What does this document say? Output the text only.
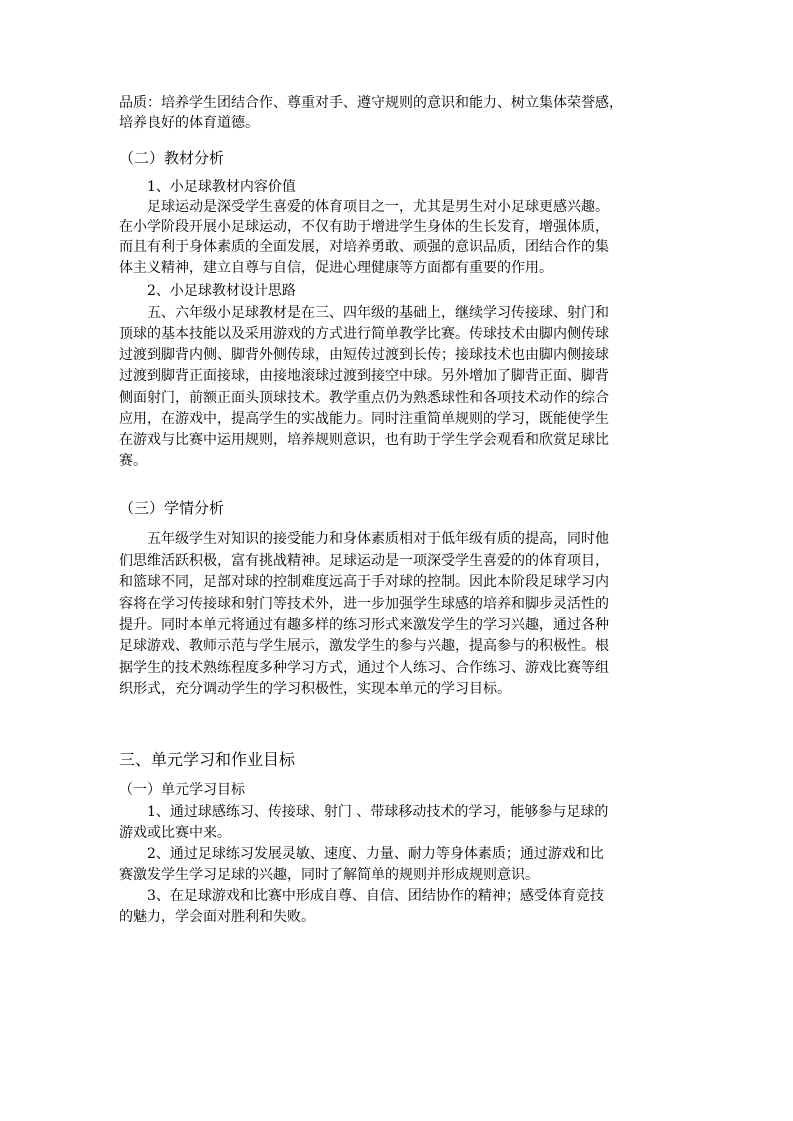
品质：培养学生团结合作、尊重对手、遵守规则的意识和能力、树立集体荣誉感，

培养良好的体育道德。

（二）教材分析

1、小足球教材内容价值

足球运动是深受学生喜爱的体育项目之一，尤其是男生对小足球更感兴趣。

在小学阶段开展小足球运动，不仅有助于增进学生身体的生长发育，增强体质，

而且有利于身体素质的全面发展，对培养勇敢、顽强的意识品质，团结合作的集

体主义精神，建立自尊与自信，促进心理健康等方面都有重要的作用。

2、小足球教材设计思路

五、六年级小足球教材是在三、四年级的基础上，继续学习传接球、射门和

顶球的基本技能以及采用游戏的方式进行简单教学比赛。传球技术由脚内侧传球

过渡到脚背内侧、脚背外侧传球，由短传过渡到长传；接球技术也由脚内侧接球

过渡到脚背正面接球，由接地滚球过渡到接空中球。另外增加了脚背正面、脚背

侧面射门，前额正面头顶球技术。教学重点仍为熟悉球性和各项技术动作的综合

应用，在游戏中，提高学生的实战能力。同时注重简单规则的学习，既能使学生

在游戏与比赛中运用规则，培养规则意识，也有助于学生学会观看和欣赏足球比

赛。

（三）学情分析

五年级学生对知识的接受能力和身体素质相对于低年级有质的提高，同时他

们思维活跃积极，富有挑战精神。足球运动是一项深受学生喜爱的的体育项目，

和篮球不同，足部对球的控制难度远高于手对球的控制。因此本阶段足球学习内

容将在学习传接球和射门等技术外，进一步加强学生球感的培养和脚步灵活性的

提升。同时本单元将通过有趣多样的练习形式来激发学生的学习兴趣，通过各种

足球游戏、教师示范与学生展示，激发学生的参与兴趣，提高参与的积极性。根

据学生的技术熟练程度多种学习方式，通过个人练习、合作练习、游戏比赛等组

织形式，充分调动学生的学习积极性，实现本单元的学习目标。

三、单元学习和作业目标

（一）单元学习目标

1、通过球感练习、传接球、射门 、带球移动技术的学习，能够参与足球的

游戏或比赛中来。

2、通过足球练习发展灵敏、速度、力量、耐力等身体素质；通过游戏和比

赛激发学生学习足球的兴趣，同时了解简单的规则并形成规则意识。

3、在足球游戏和比赛中形成自尊、自信、团结协作的精神；感受体育竞技

的魅力，学会面对胜利和失败。
